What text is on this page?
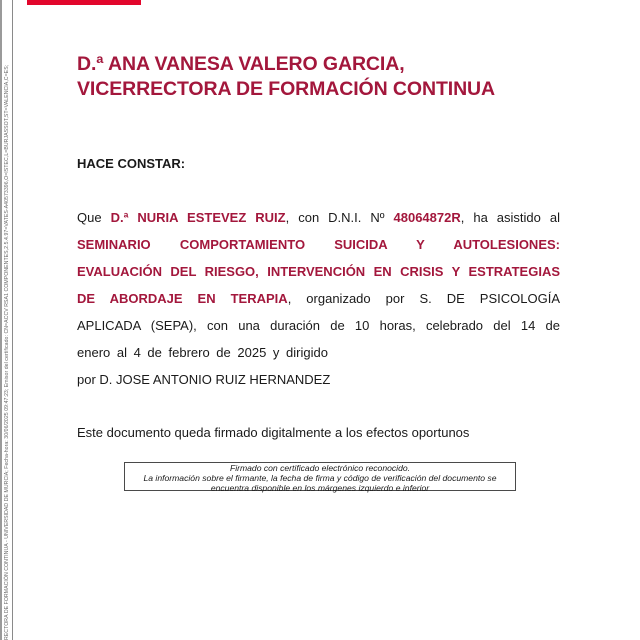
RECTORA DE FORMACIÓN CONTINUA - UNIVERSIDAD DE MURCIA; Fecha-hora: 30/06/2025 09:47:23; Emisor del certificado: CN=ACCV RSA1 COMPONENTES,2.5.4.97=VATES-A40573396,O=ISTEC,L=BURJASSOT,ST=VALENCIA,C=ES;
D.ª ANA VANESA VALERO GARCIA,
VICERRECTORA DE FORMACIÓN CONTINUA
HACE CONSTAR:
Que D.ª NURIA ESTEVEZ RUIZ, con D.N.I. Nº 48064872R, ha asistido al SEMINARIO COMPORTAMIENTO SUICIDA Y AUTOLESIONES: EVALUACIÓN DEL RIESGO, INTERVENCIÓN EN CRISIS Y ESTRATEGIAS DE ABORDAJE EN TERAPIA, organizado por S. DE PSICOLOGÍA APLICADA (SEPA), con una duración de 10 horas, celebrado del 14 de enero al 4 de febrero de 2025 y dirigido
por D. JOSE ANTONIO RUIZ HERNANDEZ
Este documento queda firmado digitalmente a los efectos oportunos
Firmado con certificado electrónico reconocido.
La información sobre el firmante, la fecha de firma y código de verificación del documento se
encuentra disponible en los márgenes izquierdo e inferior
